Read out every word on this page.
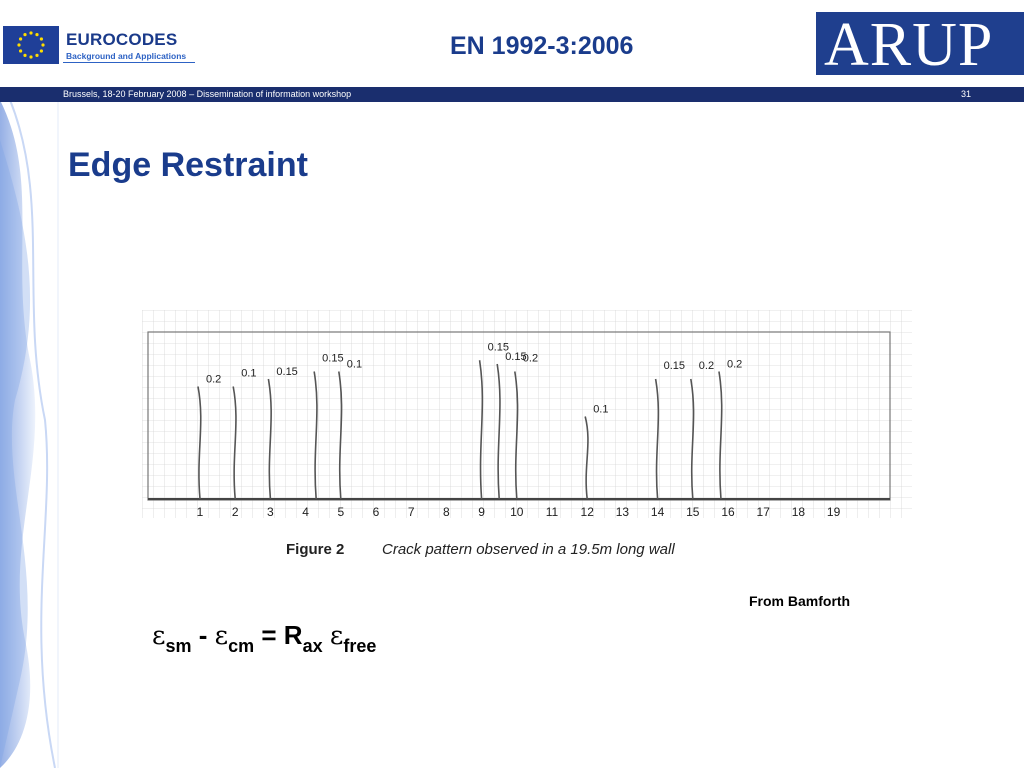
EUROCODES
Background and Applications	EN 1992-3:2006	ARUP
Brussels, 18-20 February 2008 – Dissemination of information workshop	31
Edge Restraint
1 2 3 4 5 6 7 8 9 10 11 12 13 14 15 16 17 18 19
0.2 0.1 0.15
0.15 0.1
0.15
0.15
0.2
0.1
0.15	0.2
0.2
Figure 2	Crack pattern observed in a 19.5m long wall
From Bamforth
$\varepsilon_{sm} - \varepsilon_{cm} = R_{ax}$ $\varepsilon_{free}$
